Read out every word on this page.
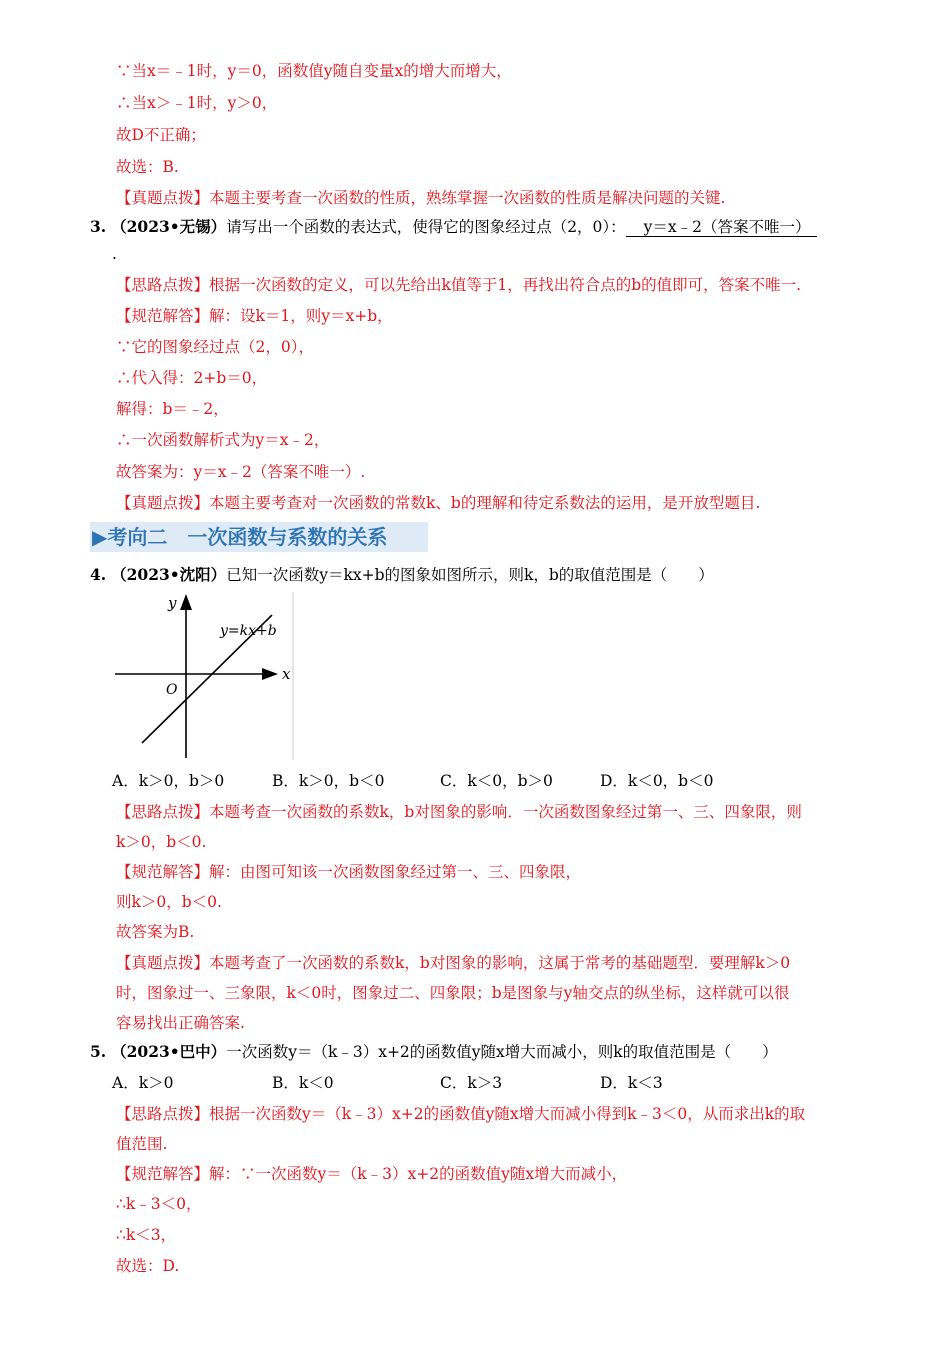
∵当x＝﹣1时，y＝0，函数值y随自变量x的增大而增大，
∴当x＞﹣1时，y＞0，
故D不正确；
故选：B.
【真题点拨】本题主要考查一次函数的性质，熟练掌握一次函数的性质是解决问题的关键.
3. （2023•无锡）请写出一个函数的表达式，使得它的图象经过点（2，0）： y＝x﹣2（答案不唯一）
.
【思路点拨】根据一次函数的定义，可以先给出k值等于1，再找出符合点的b的值即可，答案不唯一.
【规范解答】解：设k＝1，则y＝x+b，
∵它的图象经过点（2，0），
∴代入得：2+b＝0，
解得：b＝﹣2，
∴一次函数解析式为y＝x﹣2，
故答案为：y＝x﹣2（答案不唯一）.
【真题点拨】本题主要考查对一次函数的常数k、b的理解和待定系数法的运用，是开放型题目.
▶考向二　一次函数与系数的关系
4. （2023•沈阳）已知一次函数y＝kx+b的图象如图所示，则k，b的取值范围是（　　）
y
x
O
y=kx+b
A．k＞0，b＞0	B．k＞0，b＜0	C．k＜0，b＞0	D．k＜0，b＜0
【思路点拨】本题考查一次函数的系数k，b对图象的影响．一次函数图象经过第一、三、四象限，则
k＞0，b＜0.
【规范解答】解：由图可知该一次函数图象经过第一、三、四象限，
则k＞0，b＜0.
故答案为B.
【真题点拨】本题考查了一次函数的系数k，b对图象的影响，这属于常考的基础题型．要理解k＞0
时，图象过一、三象限，k＜0时，图象过二、四象限；b是图象与y轴交点的纵坐标，这样就可以很
容易找出正确答案.
5. （2023•巴中）一次函数y＝（k﹣3）x+2的函数值y随x增大而减小，则k的取值范围是（　　）
A．k＞0	B．k＜0	C．k＞3	D．k＜3
【思路点拨】根据一次函数y＝（k﹣3）x+2的函数值y随x增大而减小得到k﹣3＜0，从而求出k的取
值范围.
【规范解答】解：∵一次函数y＝（k﹣3）x+2的函数值y随x增大而减小，
∴k﹣3＜0，
∴k＜3，
故选：D.
